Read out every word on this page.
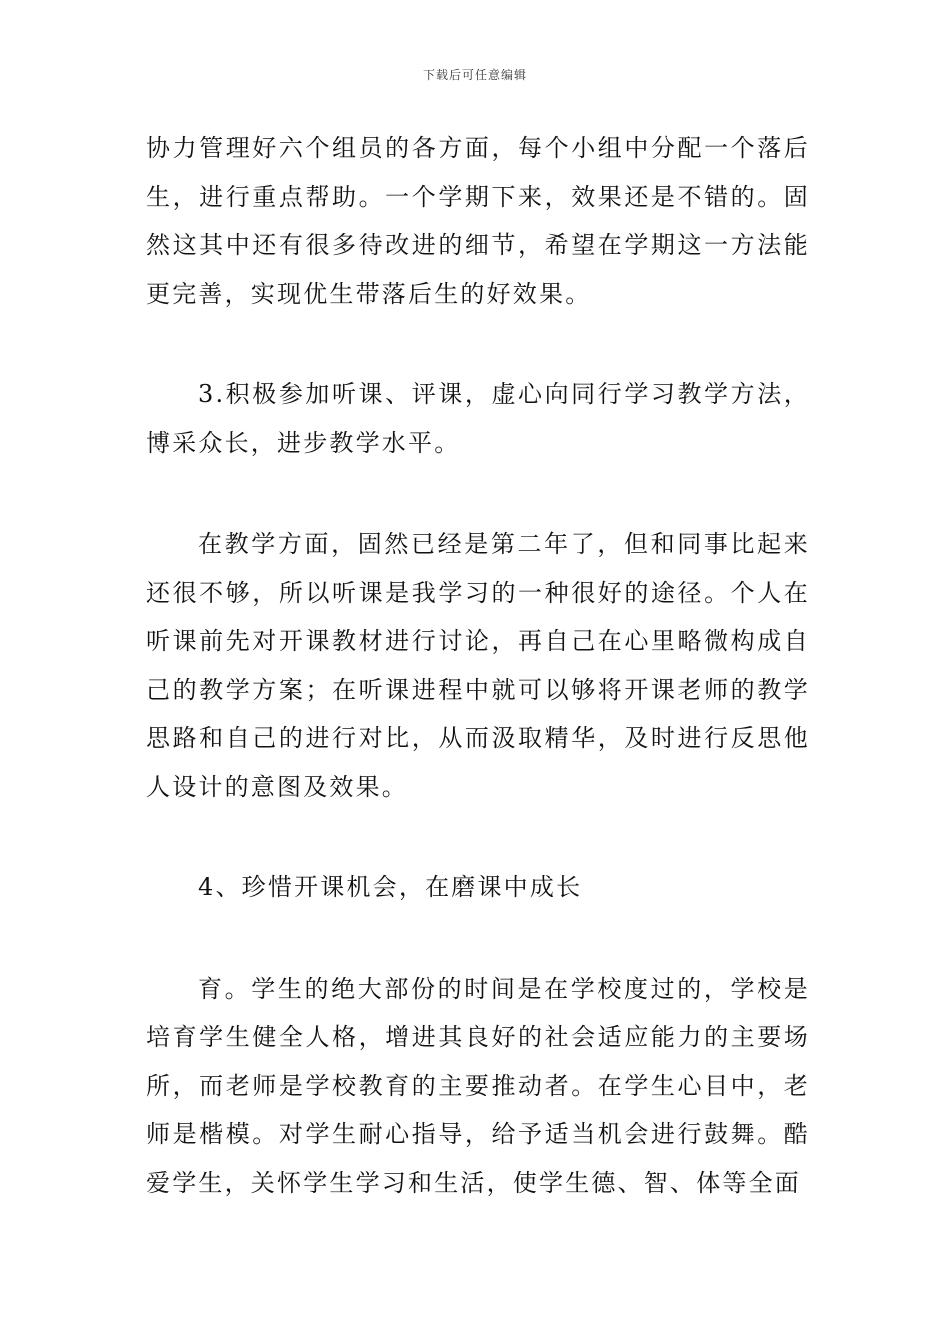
下载后可任意编辑

协力管理好六个组员的各方面，每个小组中分配一个落后生，进行重点帮助。一个学期下来，效果还是不错的。固然这其中还有很多待改进的细节，希望在学期这一方法能更完善，实现优生带落后生的好效果。

3.积极参加听课、评课，虚心向同行学习教学方法，博采众长，进步教学水平。

在教学方面，固然已经是第二年了，但和同事比起来还很不够，所以听课是我学习的一种很好的途径。个人在听课前先对开课教材进行讨论，再自己在心里略微构成自己的教学方案；在听课进程中就可以够将开课老师的教学思路和自己的进行对比，从而汲取精华，及时进行反思他人设计的意图及效果。

4、珍惜开课机会，在磨课中成长

育。学生的绝大部份的时间是在学校度过的，学校是培育学生健全人格，增进其良好的社会适应能力的主要场所，而老师是学校教育的主要推动者。在学生心目中，老师是楷模。对学生耐心指导，给予适当机会进行鼓舞。酷爱学生，关怀学生学习和生活，使学生德、智、体等全面
